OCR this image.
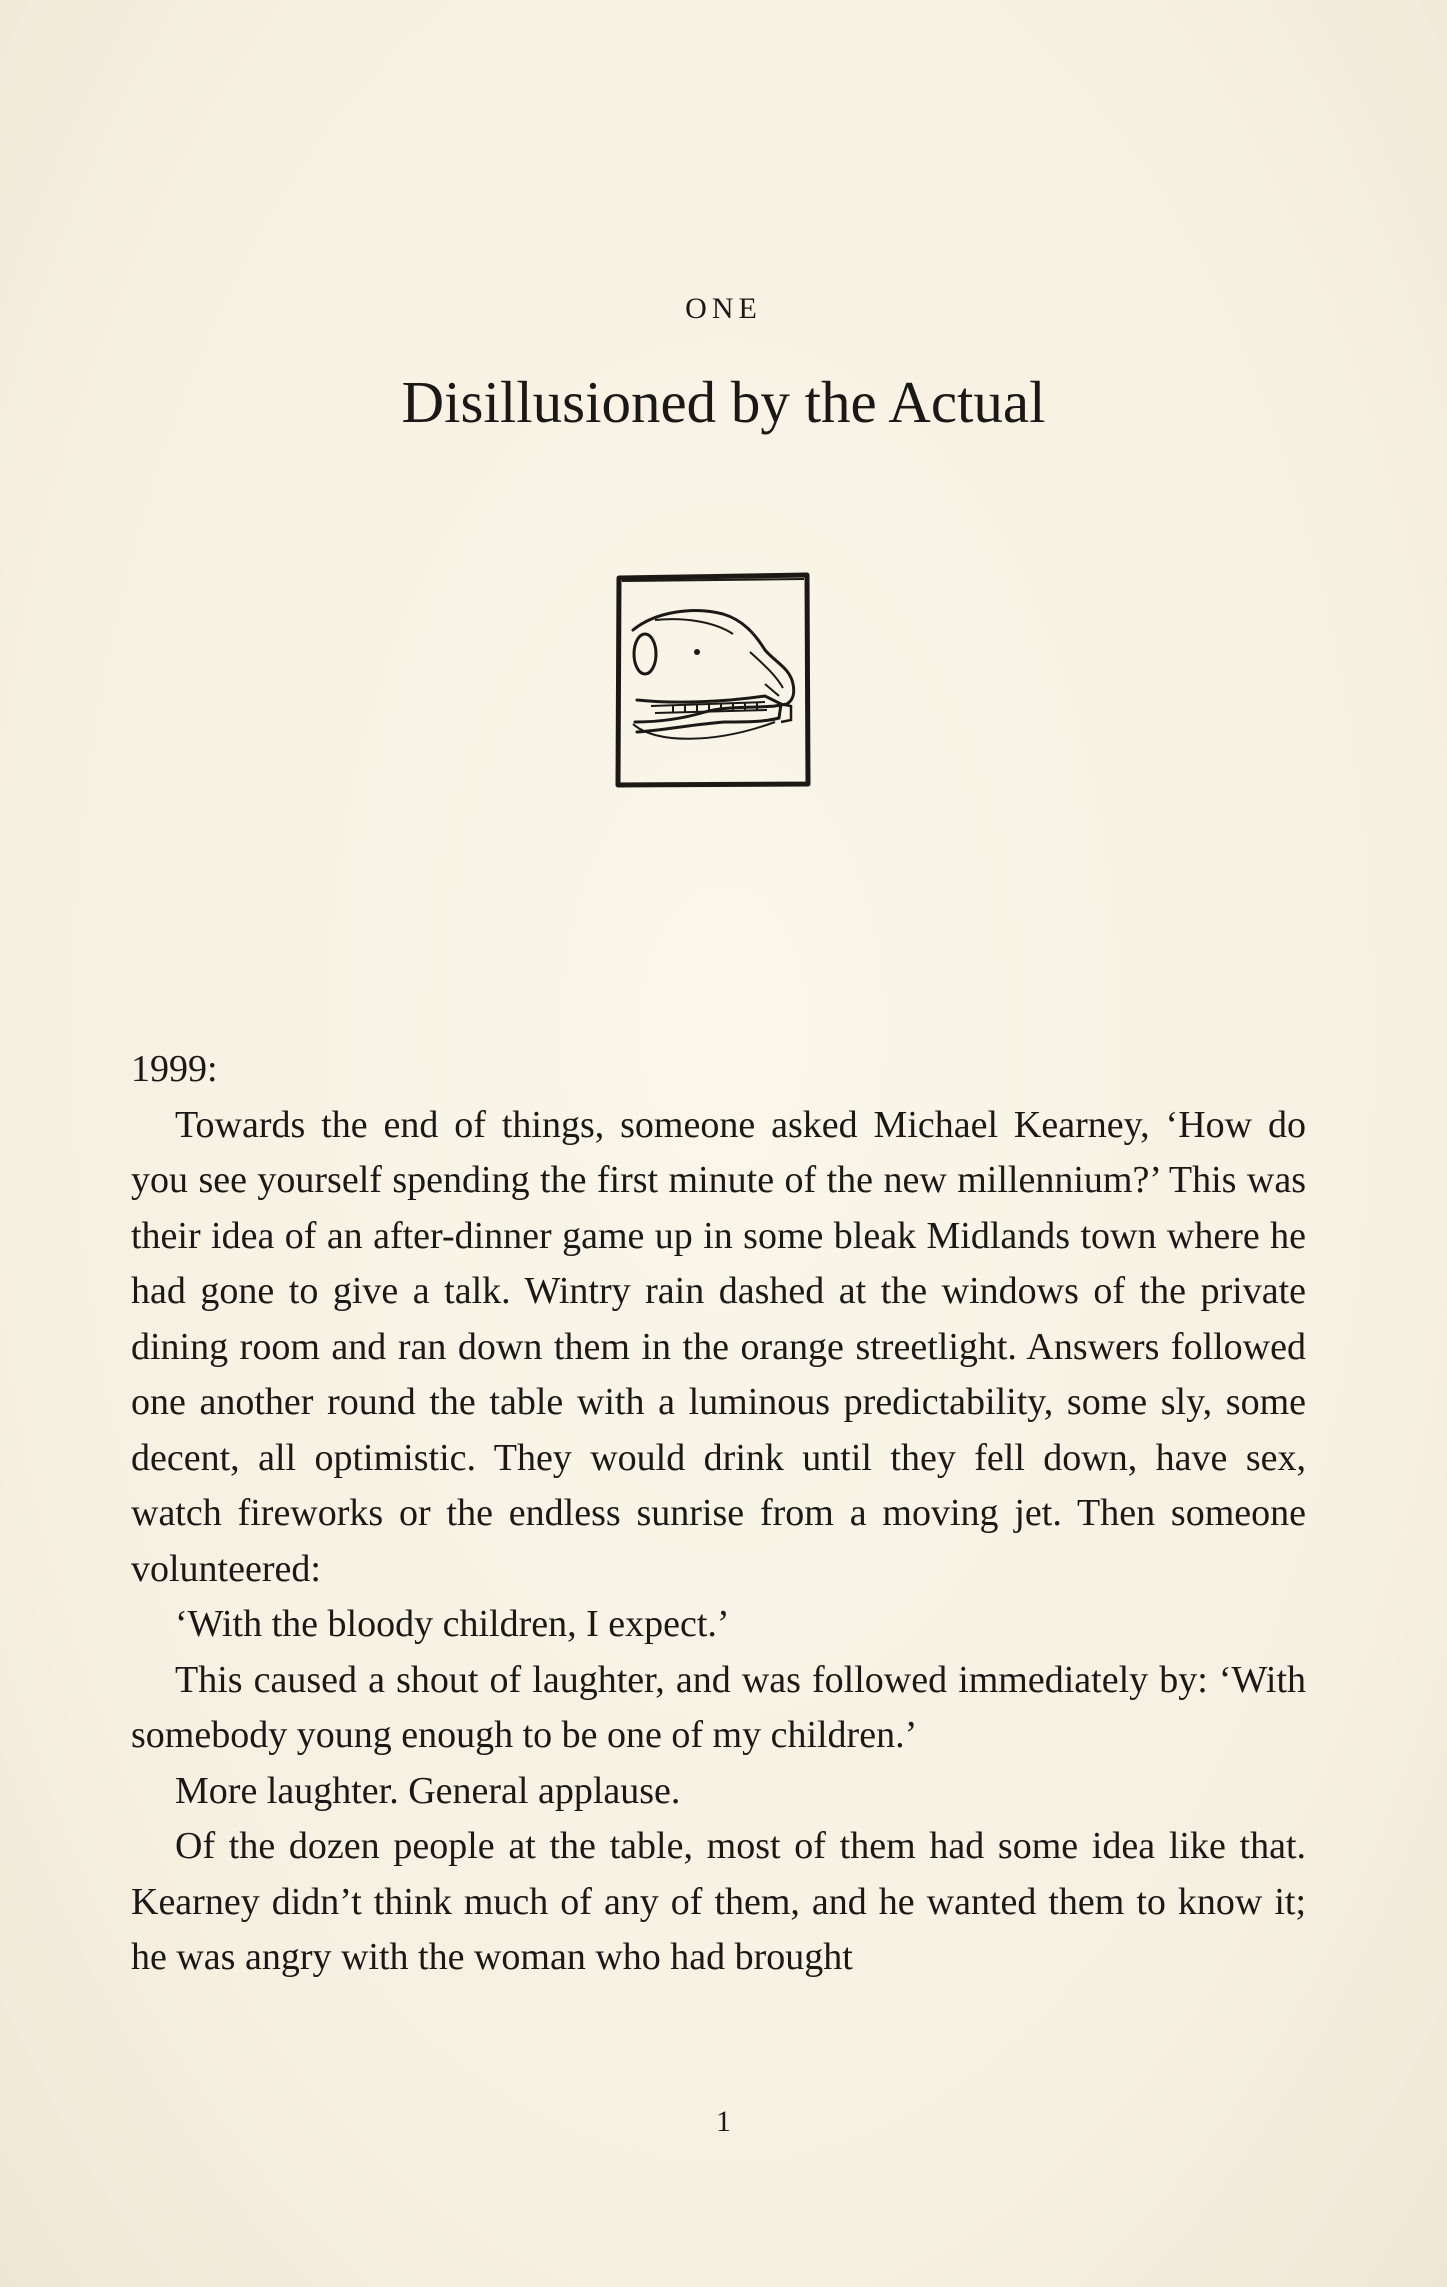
ONE
Disillusioned by the Actual

1999:

Towards the end of things, someone asked Michael Kearney, ‘How do you see yourself spending the first minute of the new millennium?’ This was their idea of an after-dinner game up in some bleak Midlands town where he had gone to give a talk. Wintry rain dashed at the windows of the private dining room and ran down them in the orange streetlight. Answers followed one another round the table with a luminous predictability, some sly, some decent, all optimistic. They would drink until they fell down, have sex, watch fireworks or the endless sunrise from a moving jet. Then someone volunteered:

‘With the bloody children, I expect.’

This caused a shout of laughter, and was followed immediately by: ‘With somebody young enough to be one of my children.’

More laughter. General applause.

Of the dozen people at the table, most of them had some idea like that. Kearney didn’t think much of any of them, and he wanted them to know it; he was angry with the woman who had brought

1
